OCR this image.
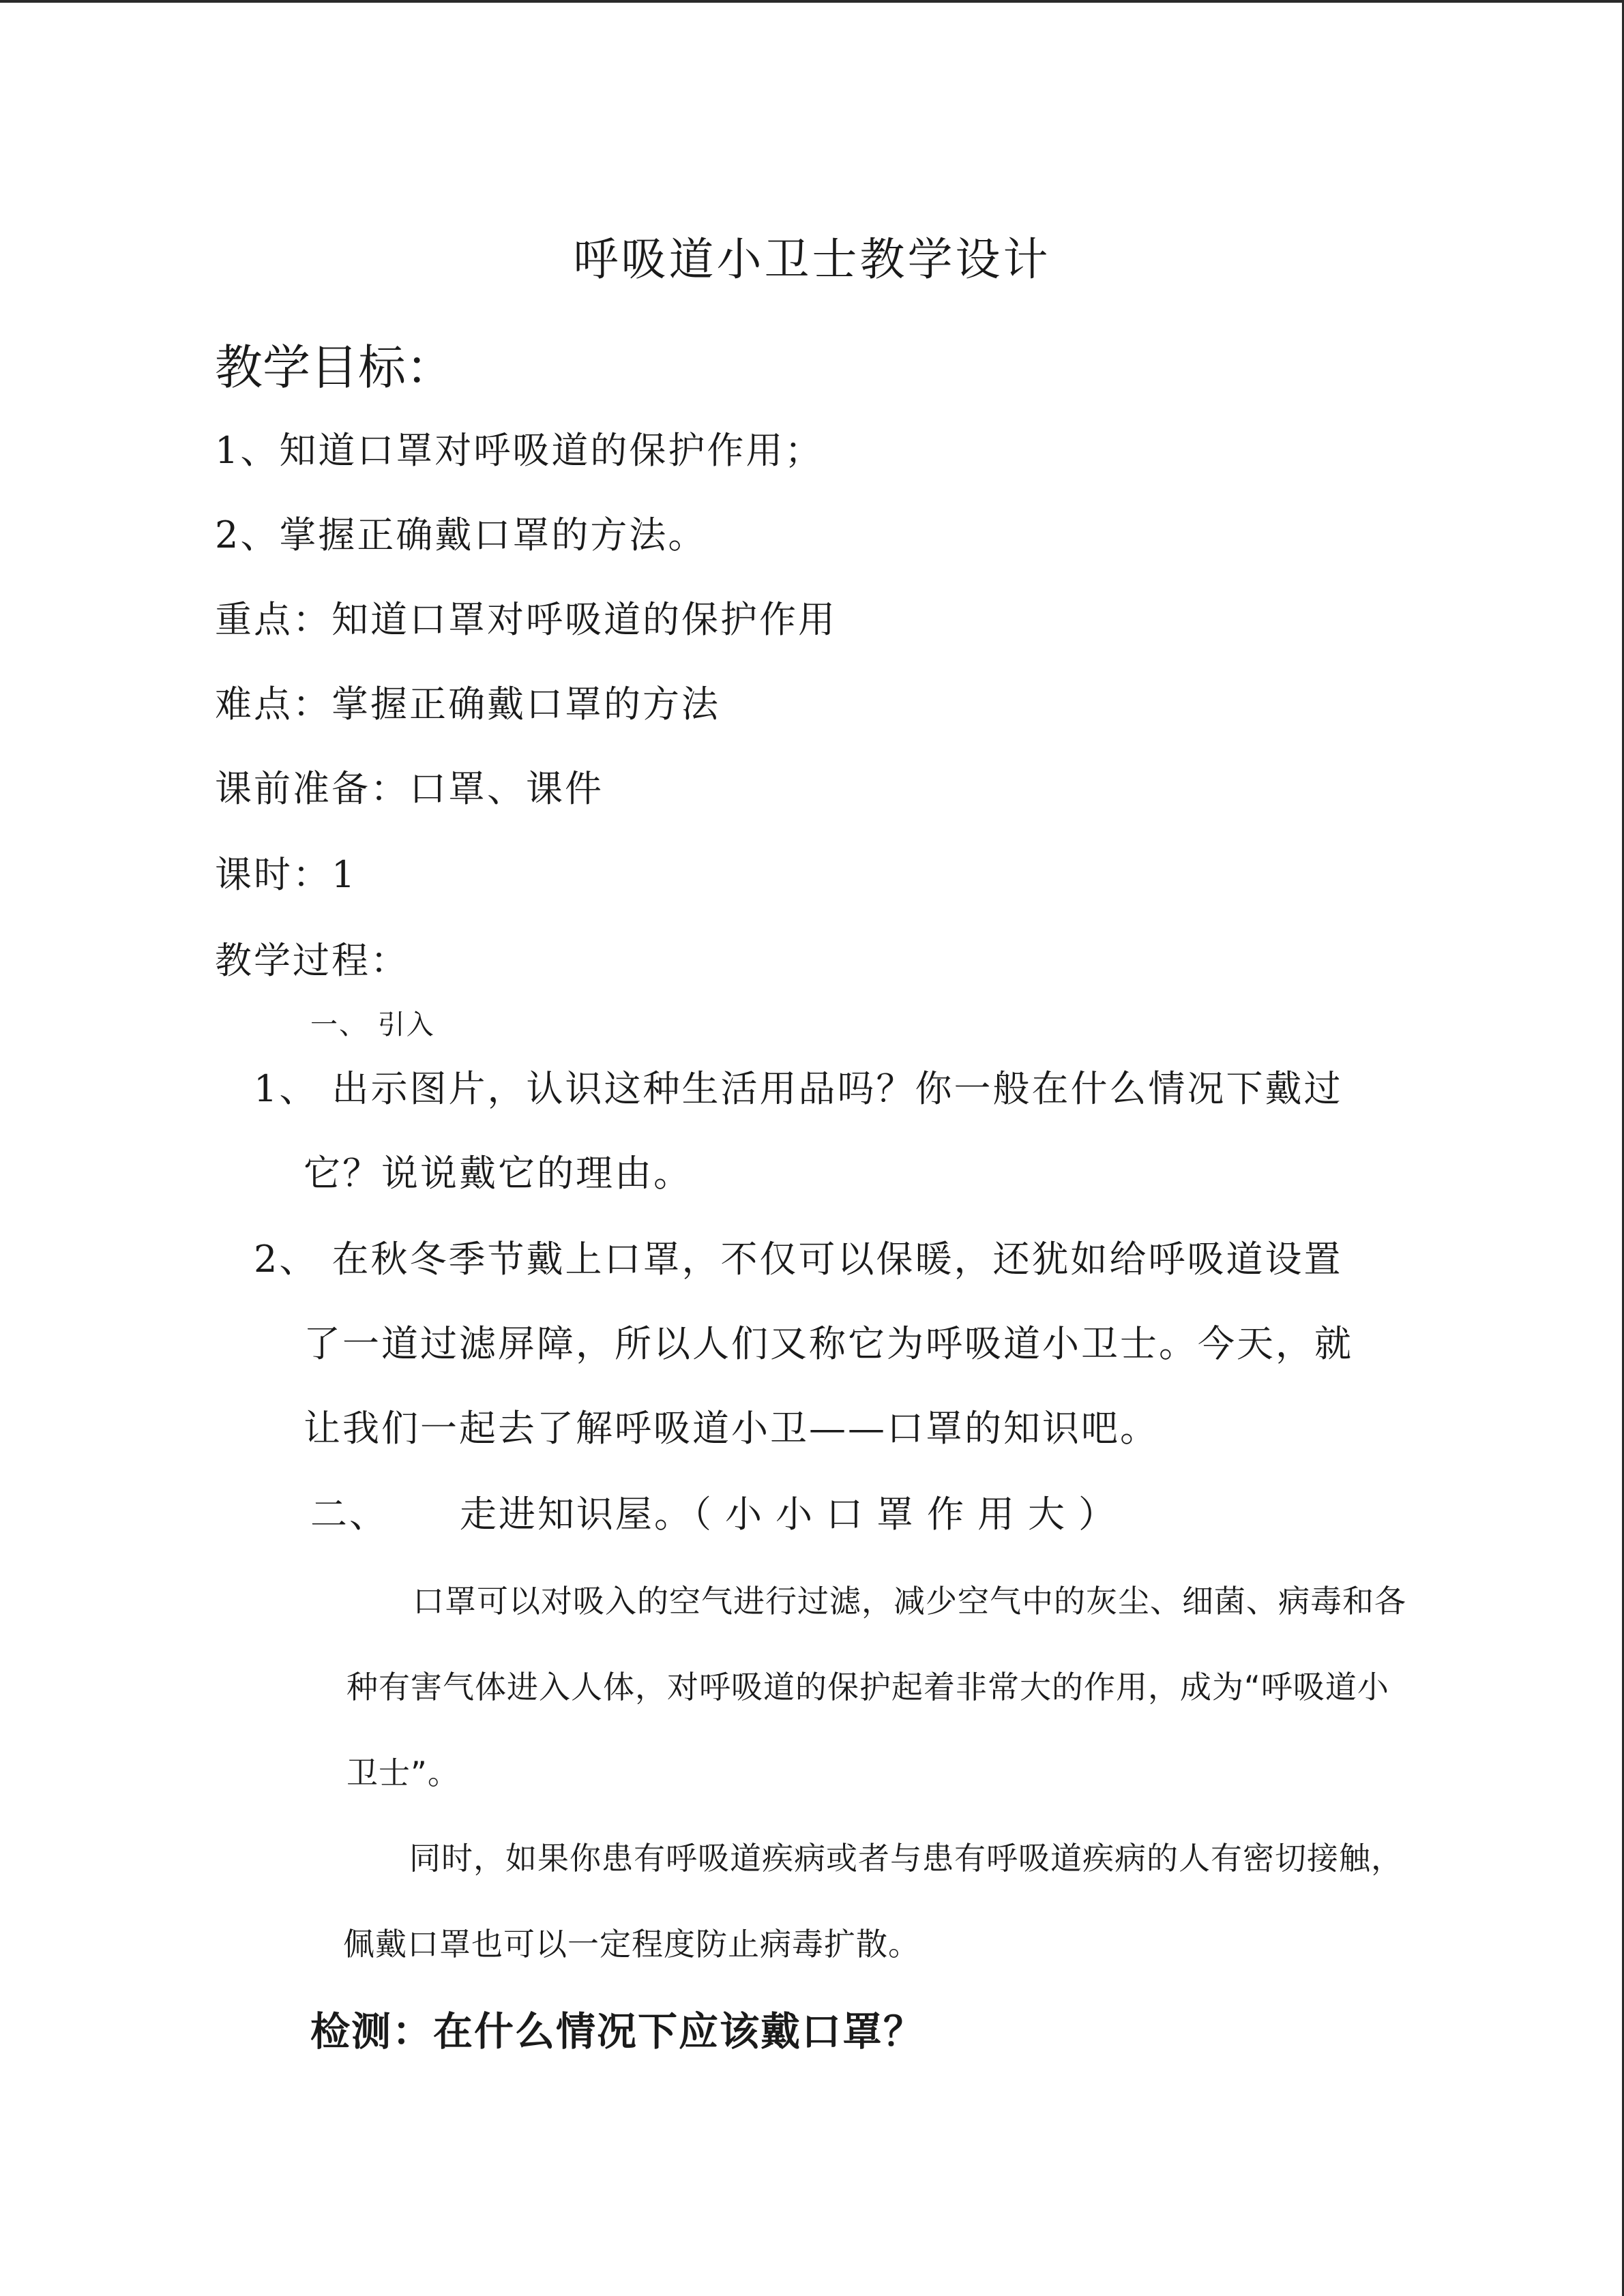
呼吸道小卫士教学设计
教学目标：
1、知道口罩对呼吸道的保护作用；
2、掌握正确戴口罩的方法。
重点：知道口罩对呼吸道的保护作用
难点：掌握正确戴口罩的方法
课前准备：口罩、课件
课时：1
教学过程：
一、 引入
1、 出示图片，认识这种生活用品吗？你一般在什么情况下戴过
它？说说戴它的理由。
2、 在秋冬季节戴上口罩，不仅可以保暖，还犹如给呼吸道设置
了一道过滤屏障，所以人们又称它为呼吸道小卫士。今天，就
让我们一起去了解呼吸道小卫——口罩的知识吧。
二、 走进知识屋。（小小口罩作用大）
口罩可以对吸入的空气进行过滤，减少空气中的灰尘、细菌、病毒和各
种有害气体进入人体，对呼吸道的保护起着非常大的作用，成为“呼吸道小
卫士”。
同时，如果你患有呼吸道疾病或者与患有呼吸道疾病的人有密切接触，
佩戴口罩也可以一定程度防止病毒扩散。
检测：在什么情况下应该戴口罩？
